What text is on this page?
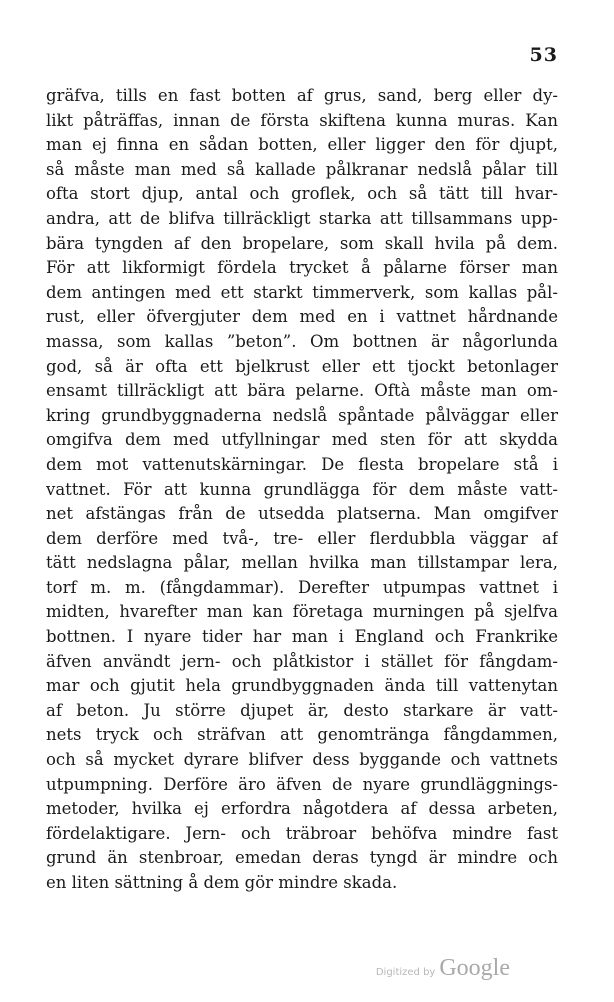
53
gräfva, tills en fast botten af grus, sand, berg eller dy-
likt påträffas, innan de första skiftena kunna muras. Kan
man ej finna en sådan botten, eller ligger den för djupt,
så måste man med så kallade pålkranar nedslå pålar till
ofta stort djup, antal och groflek, och så tätt till hvar-
andra, att de blifva tillräckligt starka att tillsammans upp-
bära tyngden af den bropelare, som skall hvila på dem.
För att likformigt fördela trycket å pålarne förser man
dem antingen med ett starkt timmerverk, som kallas pål-
rust, eller öfvergjuter dem med en i vattnet hårdnande
massa, som kallas ”beton”. Om bottnen är någorlunda
god, så är ofta ett bjelkrust eller ett tjockt betonlager
ensamt tillräckligt att bära pelarne. Oftà måste man om-
kring grundbyggnaderna nedslå spåntade pålväggar eller
omgifva dem med utfyllningar med sten för att skydda
dem mot vattenutskärningar. De flesta bropelare stå i
vattnet. För att kunna grundlägga för dem måste vatt-
net afstängas från de utsedda platserna. Man omgifver
dem derföre med två-, tre- eller flerdubbla väggar af
tätt nedslagna pålar, mellan hvilka man tillstampar lera,
torf m. m. (fångdammar). Derefter utpumpas vattnet i
midten, hvarefter man kan företaga murningen på sjelfva
bottnen. I nyare tider har man i England och Frankrike
äfven användt jern- och plåtkistor i stället för fångdam-
mar och gjutit hela grundbyggnaden ända till vattenytan
af beton. Ju större djupet är, desto starkare är vatt-
nets tryck och sträfvan att genomtränga fångdammen,
och så mycket dyrare blifver dess byggande och vattnets
utpumpning. Derföre äro äfven de nyare grundläggnings-
metoder, hvilka ej erfordra någotdera af dessa arbeten,
fördelaktigare. Jern- och träbroar behöfva mindre fast
grund än stenbroar, emedan deras tyngd är mindre och
en liten sättning å dem gör mindre skada.
Digitized by Google
